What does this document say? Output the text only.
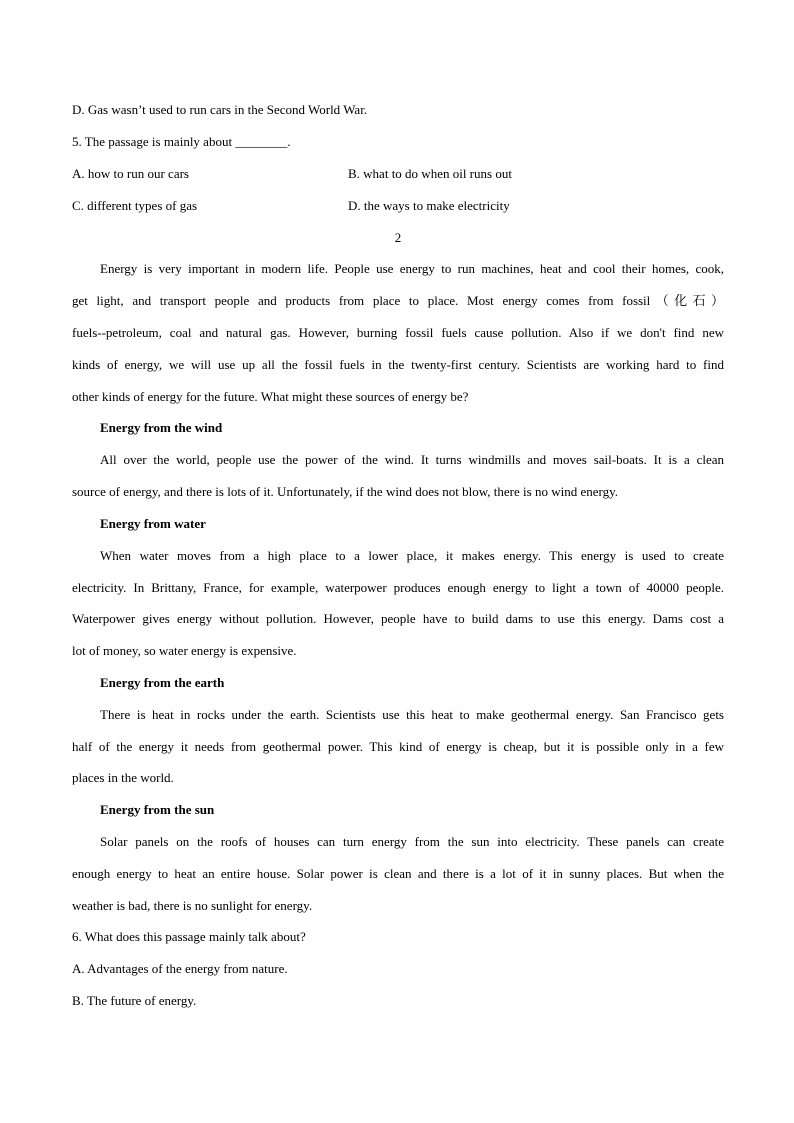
D. Gas wasn’t used to run cars in the Second World War.
5. The passage is mainly about ________.
A. how to run our cars	B. what to do when oil runs out
C. different types of gas	D. the ways to make electricity
2
Energy is very important in modern life. People use energy to run machines, heat and cool their homes, cook,
get light, and transport people and products from place to place. Most energy comes from fossil（化石）
fuels--petroleum, coal and natural gas. However, burning fossil fuels cause pollution. Also if we don't find new
kinds of energy, we will use up all the fossil fuels in the twenty-first century. Scientists are working hard to find
other kinds of energy for the future. What might these sources of energy be?
Energy from the wind
All over the world, people use the power of the wind. It turns windmills and moves sail-boats. It is a clean
source of energy, and there is lots of it. Unfortunately, if the wind does not blow, there is no wind energy.
Energy from water
When water moves from a high place to a lower place, it makes energy. This energy is used to create
electricity. In Brittany, France, for example, waterpower produces enough energy to light a town of 40000 people.
Waterpower gives energy without pollution. However, people have to build dams to use this energy. Dams cost a
lot of money, so water energy is expensive.
Energy from the earth
There is heat in rocks under the earth. Scientists use this heat to make geothermal energy. San Francisco gets
half of the energy it needs from geothermal power. This kind of energy is cheap, but it is possible only in a few
places in the world.
Energy from the sun
Solar panels on the roofs of houses can turn energy from the sun into electricity. These panels can create
enough energy to heat an entire house. Solar power is clean and there is a lot of it in sunny places. But when the
weather is bad, there is no sunlight for energy.
6. What does this passage mainly talk about?
A. Advantages of the energy from nature.
B. The future of energy.
